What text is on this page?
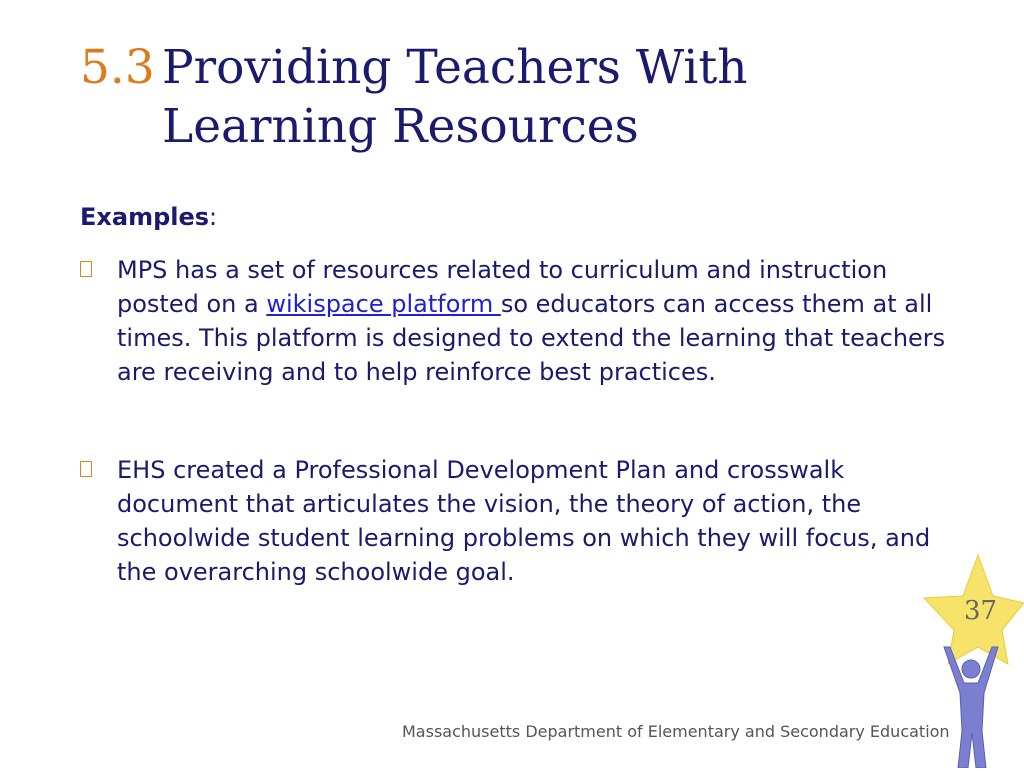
5.3 Providing Teachers With
Learning Resources
Examples:
MPS has a set of resources related to curriculum and instruction posted on a wikispace platform so educators can access them at all times. This platform is designed to extend the learning that teachers are receiving and to help reinforce best practices.
EHS created a Professional Development Plan and crosswalk document that articulates the vision, the theory of action, the schoolwide student learning problems on which they will focus, and the overarching schoolwide goal.
37
Massachusetts Department of Elementary and Secondary Education
